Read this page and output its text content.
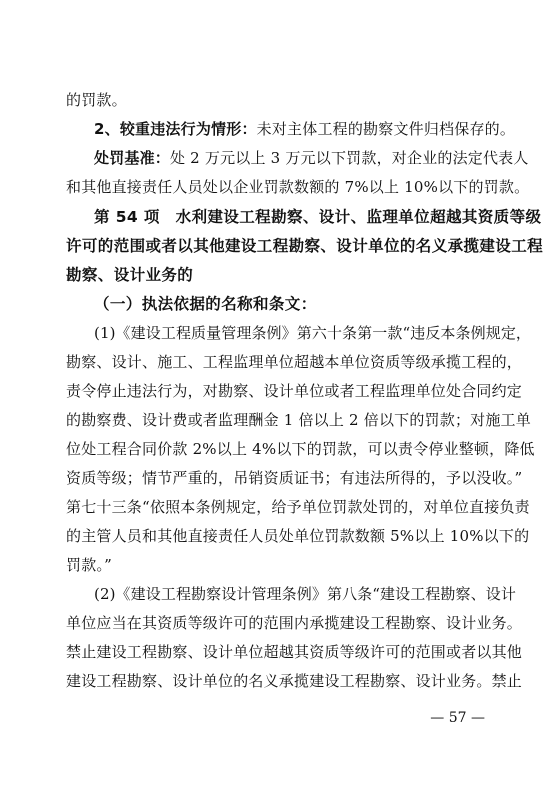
的罚款。
2、较重违法行为情形：未对主体工程的勘察文件归档保存的。
处罚基准：处 2 万元以上 3 万元以下罚款，对企业的法定代表人
和其他直接责任人员处以企业罚款数额的 7%以上 10%以下的罚款。
第 54 项　水利建设工程勘察、设计、监理单位超越其资质等级
许可的范围或者以其他建设工程勘察、设计单位的名义承揽建设工程
勘察、设计业务的
（一）执法依据的名称和条文：
(1)《建设工程质量管理条例》第六十条第一款“违反本条例规定，
勘察、设计、施工、工程监理单位超越本单位资质等级承揽工程的，
责令停止违法行为，对勘察、设计单位或者工程监理单位处合同约定
的勘察费、设计费或者监理酬金 1 倍以上 2 倍以下的罚款；对施工单
位处工程合同价款 2%以上 4%以下的罚款，可以责令停业整顿，降低
资质等级；情节严重的，吊销资质证书；有违法所得的，予以没收。”
第七十三条“依照本条例规定，给予单位罚款处罚的，对单位直接负责
的主管人员和其他直接责任人员处单位罚款数额 5%以上 10%以下的
罚款。”
(2)《建设工程勘察设计管理条例》第八条“建设工程勘察、设计
单位应当在其资质等级许可的范围内承揽建设工程勘察、设计业务。
禁止建设工程勘察、设计单位超越其资质等级许可的范围或者以其他
建设工程勘察、设计单位的名义承揽建设工程勘察、设计业务。禁止
— 57 —
